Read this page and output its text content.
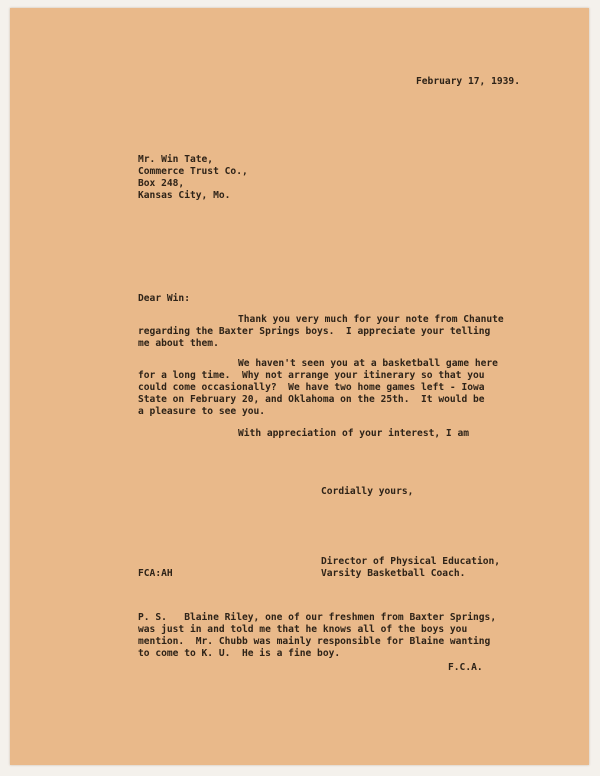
February 17, 1939.

Mr. Win Tate,
Commerce Trust Co.,
Box 248,
Kansas City, Mo.

Dear Win:

Thank you very much for your note from Chanute
regarding the Baxter Springs boys.  I appreciate your telling
me about them.
We haven't seen you at a basketball game here
for a long time.  Why not arrange your itinerary so that you
could come occasionally?  We have two home games left - Iowa
State on February 20, and Oklahoma on the 25th.  It would be
a pleasure to see you.

With appreciation of your interest, I am

Cordially yours,

Director of Physical Education,
Varsity Basketball Coach.

FCA:AH

P. S.   Blaine Riley, one of our freshmen from Baxter Springs,
was just in and told me that he knows all of the boys you
mention.  Mr. Chubb was mainly responsible for Blaine wanting
to come to K. U.  He is a fine boy.

F.C.A.
